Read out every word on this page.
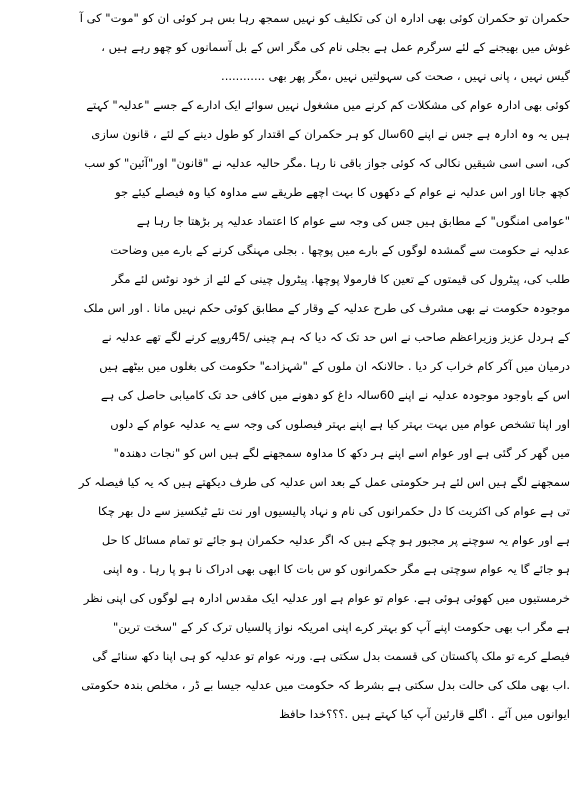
حکمران تو حکمران کوئی بھی ادارہ ان کی تکلیف کو نہیں سمجھ رہا بس ہر کوئی ان کو "موت" کی آ
غوش میں بھیجنے کے لئے سرگرم عمل ہے بجلی نام کی مگر اس کے بل آسمانوں کو چھو رہے ہیں ،
گیس نہیں ، پانی نہیں ، صحت کی سہولتیں نہیں ،مگر پھر بھی ............
کوئی بھی ادارہ عوام کی مشکلات کم کرنے میں مشغول نہیں سوائے ایک ادارے کے جسے "عدلیہ" کہتے
ہیں یہ وہ ادارہ ہے جس نے اپنے 60سال کو ہر حکمران کے اقتدار کو طول دینے کے لئے ، قانون سازی
کی، اسی اسی شیقیں نکالی کہ کوئی جواز باقی نا رہا .مگر حالیہ عدلیہ نے "قانون" اور"آئین" کو سب
کچھ جانا اور اس عدلیہ نے عوام کے دکھوں کا بہت اچھے طریقے سے مداوہ کیا وہ فیصلے کیئے جو
"عوامی امنگوں" کے مطابق ہیں جس کی وجہ سے عوام کا اعتماد عدلیہ پر بڑھتا جا رہا ہے
عدلیہ نے حکومت سے گمشدہ لوگوں کے بارے میں پوچھا . بجلی مہنگی کرنے کے بارے میں وضاحت
طلب کی، پیٹرول کی قیمتوں کے تعین کا فارمولا پوچھا. پیٹرول چینی کے لئے از خود نوٹس لئے مگر
موجودہ حکومت نے بھی مشرف کی طرح عدلیہ کے وقار کے مطابق کوئی حکم نہیں مانا . اور اس ملک
کے ہردل عزیز وزیراعظم صاحب نے اس حد تک کہ دیا کہ ہم چینی /45روپے کرنے لگے تھے عدلیہ نے
درمیان میں آکر کام خراب کر دیا . حالانکہ ان ملوں کے "شہزادے" حکومت کی بغلوں میں بیٹھے ہیں
اس کے باوجود موجودہ عدلیہ نے اپنے 60سالہ داغ کو دھونے میں کافی حد تک کامیابی حاصل کی ہے
اور اپنا تشخص عوام میں بہت بہتر کیا ہے اپنے بہتر فیصلوں کی وجہ سے یہ عدلیہ عوام کے دلوں
میں گھر کر گئی ہے اور عوام اسے اپنے ہر دکھ کا مداوہ سمجھنے لگے ہیں اس کو "نجات دھندہ"
سمجھنے لگے ہیں اس لئے ہر حکومتی عمل کے بعد اس عدلیہ کی طرف دیکھتے ہیں کہ یہ کیا فیصلہ کر
تی ہے عوام کی اکثریت کا دل حکمرانوں کی نام و نہاد پالیسیوں اور نت نئے ٹیکسیز سے دل بھر چکا
ہے اور عوام یہ سوچنے پر مجبور ہو چکے ہیں کہ اگر عدلیہ حکمران ہو جائے تو تمام مسائل کا حل
ہو جائے گا یہ عوام سوچتی ہے مگر حکمرانوں کو س بات کا ابھی بھی ادراک نا ہو پا رہا . وہ اپنی
خرمستیوں میں کھوئی ہوئی ہے. عوام تو عوام ہے اور عدلیہ ایک مقدس ادارہ ہے لوگوں کی اپنی نظر
ہے مگر اب بھی حکومت اپنے آپ کو بہتر کرے اپنی امریکہ نواز پالسیاں ترک کر کے "سخت ترین"
فیصلے کرے تو ملک پاکستان کی قسمت بدل سکتی ہے. ورنہ عوام تو عدلیہ کو ہی اپنا دکھ سنائے گی
.اب بھی ملک کی حالت بدل سکتی ہے بشرط کہ حکومت میں عدلیہ جیسا بے ڈر ، مخلص بندہ حکومتی
ایوانوں میں آئے . اگلے قارئین آپ کیا کہتے ہیں .؟؟؟خدا حافظ
